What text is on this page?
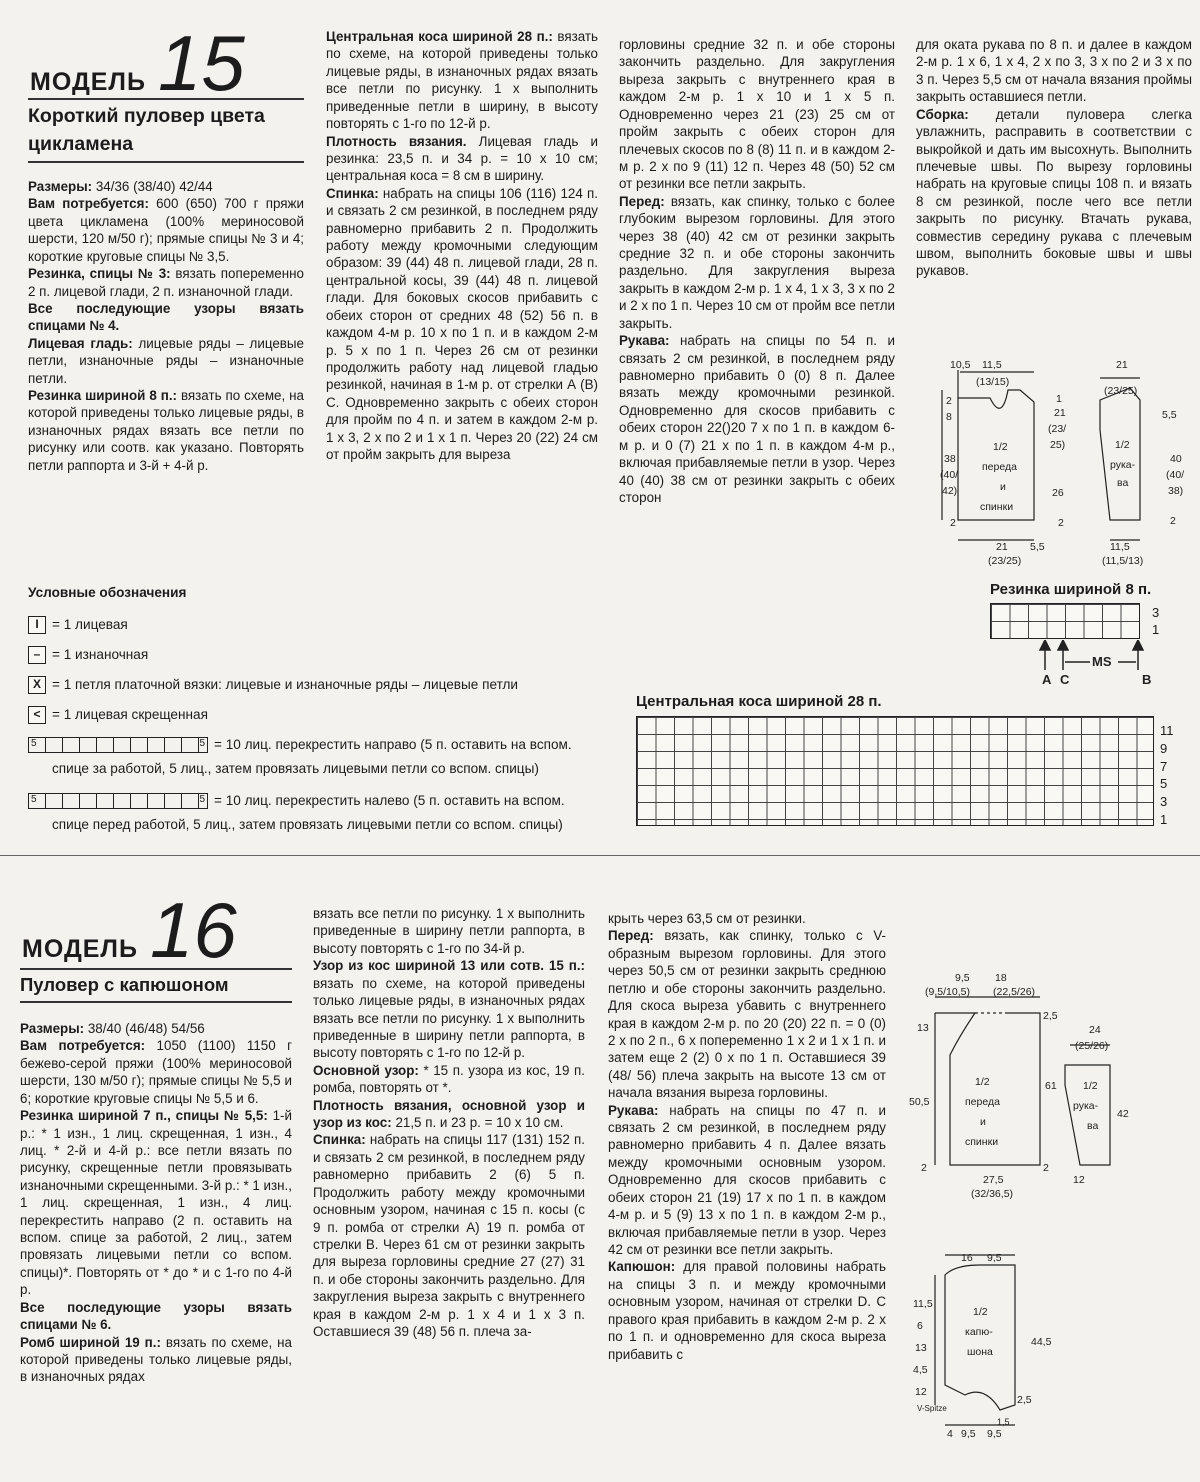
МОДЕЛЬ 15
Короткий пуловер цвета цикламена

Размеры: 34/36 (38/40) 42/44

Вам потребуется: 600 (650) 700 г пряжи цвета цикламена (100% мериносовой шерсти, 120 м/50 г); прямые спицы № 3 и 4; короткие круговые спицы № 3,5.

Резинка, спицы № 3: вязать попеременно 2 п. лицевой глади, 2 п. изнаночной глади.

Все последующие узоры вязать спицами № 4.

Лицевая гладь: лицевые ряды – лицевые петли, изнаночные ряды – изнаночные петли.

Резинка шириной 8 п.: вязать по схеме, на которой приведены только лицевые ряды, в изнаночных рядах вязать все петли по рисунку или соотв. как указано. Повторять петли раппорта и 3-й + 4-й р.

Центральная коса шириной 28 п.: вязать по схеме, на которой приведены только лицевые ряды, в изнаночных рядах вязать все петли по рисунку. 1 х выполнить приведенные петли в ширину, в высоту повторять с 1-го по 12-й р.

Плотность вязания. Лицевая гладь и резинка: 23,5 п. и 34 р. = 10 х 10 см; центральная коса = 8 см в ширину.

Спинка: набрать на спицы 106 (116) 124 п. и связать 2 см резинкой, в последнем ряду равномерно прибавить 2 п. Продолжить работу между кромочными следующим образом: 39 (44) 48 п. лицевой глади, 28 п. центральной косы, 39 (44) 48 п. лицевой глади. Для боковых скосов прибавить с обеих сторон от средних 48 (52) 56 п. в каждом 4-м р. 10 х по 1 п. и в каждом 2-м р. 5 х по 1 п. Через 26 см от резинки продолжить работу над лицевой гладью резинкой, начиная в 1-м р. от стрелки А (В) С. Одновременно закрыть с обеих сторон для пройм по 4 п. и затем в каждом 2-м р. 1 х 3, 2 х по 2 и 1 х 1 п. Через 20 (22) 24 см от пройм закрыть для выреза

горловины средние 32 п. и обе стороны закончить раздельно. Для закругления выреза закрыть с внутреннего края в каждом 2-м р. 1 х 10 и 1 х 5 п. Одновременно через 21 (23) 25 см от пройм закрыть с обеих сторон для плечевых скосов по 8 (8) 11 п. и в каждом 2-м р. 2 х по 9 (11) 12 п. Через 48 (50) 52 см от резинки все петли закрыть.

Перед: вязать, как спинку, только с более глубоким вырезом горловины. Для этого через 38 (40) 42 см от резинки закрыть средние 32 п. и обе стороны закончить раздельно. Для закругления выреза закрыть в каждом 2-м р. 1 х 4, 1 х 3, 3 х по 2 и 2 х по 1 п. Через 10 см от пройм все петли закрыть.

Рукава: набрать на спицы по 54 п. и связать 2 см резинкой, в последнем ряду равномерно прибавить 0 (0) 8 п. Далее вязать между кромочными резинкой. Одновременно для скосов прибавить с обеих сторон 22()20 7 х по 1 п. в каждом 6-м р. и 0 (7) 21 х по 1 п. в каждом 4-м р., включая прибавляемые петли в узор. Через 40 (40) 38 см от резинки закрыть с обеих сторон

для оката рукава по 8 п. и далее в каждом 2-м р. 1 х 6, 1 х 4, 2 х по 3, 3 х по 2 и 3 х по 3 п. Через 5,5 см от начала вязания проймы закрыть оставшиеся петли.

Сборка: детали пуловера слегка увлажнить, расправить в соответствии с выкройкой и дать им высохнуть. Выполнить плечевые швы. По вырезу горловины набрать на круговые спицы 108 п. и вязать 8 см резинкой, после чего все петли закрыть по рисунку. Втачать рукава, совместив середину рукава с плечевым швом, выполнить боковые швы и швы рукавов.

Условные обозначения
I = 1 лицевая
– = 1 изнаночная
X = 1 петля платочной вязки: лицевые и изнаночные ряды – лицевые петли
< = 1 лицевая скрещенная
5	5 = 10 лиц. перекрестить направо (5 п. оставить на вспом.
спице за работой, 5 лиц., затем провязать лицевыми петли со вспом. спицы)
5	5 = 10 лиц. перекрестить налево (5 п. оставить на вспом.
спице перед работой, 5 лиц., затем провязать лицевыми петли со вспом. спицы)
1/2
переда
и
спинки
10,5 11,5
(13/15)
2
8
38
(40/
42)
2
1
21
(23/
25)
26
2
21 5,5
(23/25)
1/2
рука-
ва
21
(23/25)
5,5
40
(40/
38)
2
11,5
(11,5/13)
Резинка шириной 8 п.
3
1
A C
MS
B
Центральная коса шириной 28 п.
11
9
7
5
3
1
МОДЕЛЬ 16
Пуловер с капюшоном

Размеры: 38/40 (46/48) 54/56

Вам потребуется: 1050 (1100) 1150 г бежево-серой пряжи (100% мериносовой шерсти, 130 м/50 г); прямые спицы № 5,5 и 6; короткие круговые спицы № 5,5 и 6.

Резинка шириной 7 п., спицы № 5,5: 1-й р.: * 1 изн., 1 лиц. скрещенная, 1 изн., 4 лиц. * 2-й и 4-й р.: все петли вязать по рисунку, скрещенные петли провязывать изнаночными скрещенными. 3-й р.: * 1 изн., 1 лиц. скрещенная, 1 изн., 4 лиц. перекрестить направо (2 п. оставить на вспом. спице за работой, 2 лиц., затем провязать лицевыми петли со вспом. спицы)*. Повторять от * до * и с 1-го по 4-й р.

Все последующие узоры вязать спицами № 6.

Ромб шириной 19 п.: вязать по схеме, на которой приведены только лицевые ряды, в изнаночных рядах

вязать все петли по рисунку. 1 х выполнить приведенные в ширину петли раппорта, в высоту повторять с 1-го по 34-й р.

Узор из кос шириной 13 или сотв. 15 п.: вязать по схеме, на которой приведены только лицевые ряды, в изнаночных рядах вязать все петли по рисунку. 1 х выполнить приведенные в ширину петли раппорта, в высоту повторять с 1-го по 12-й р.

Основной узор: * 15 п. узора из кос, 19 п. ромба, повторять от *.

Плотность вязания, основной узор и узор из кос: 21,5 п. и 23 р. = 10 х 10 см.

Спинка: набрать на спицы 117 (131) 152 п. и связать 2 см резинкой, в последнем ряду равномерно прибавить 2 (6) 5 п. Продолжить работу между кромочными основным узором, начиная с 15 п. косы (с 9 п. ромба от стрелки А) 19 п. ромба от стрелки В. Через 61 см от резинки закрыть для выреза горловины средние 27 (27) 31 п. и обе стороны закончить раздельно. Для закругления выреза закрыть с внутреннего края в каждом 2-м р. 1 х 4 и 1 х 3 п. Оставшиеся 39 (48) 56 п. плеча за-

крыть через 63,5 см от резинки.

Перед: вязать, как спинку, только с V-образным вырезом горловины. Для этого через 50,5 см от резинки закрыть среднюю петлю и обе стороны закончить раздельно. Для скоса выреза убавить с внутреннего края в каждом 2-м р. по 20 (20) 22 п. = 0 (0) 2 х по 2 п., 6 х попеременно 1 х 2 и 1 х 1 п. и затем еще 2 (2) 0 х по 1 п. Оставшиеся 39 (48/ 56) плеча закрыть на высоте 13 см от начала вязания выреза горловины.

Рукава: набрать на спицы по 47 п. и связать 2 см резинкой, в последнем ряду равномерно прибавить 4 п. Далее вязать между кромочными основным узором. Одновременно для скосов прибавить с обеих сторон 21 (19) 17 х по 1 п. в каждом 4-м р. и 5 (9) 13 х по 1 п. в каждом 2-м р., включая прибавляемые петли в узор. Через 42 см от резинки все петли закрыть.

Капюшон: для правой половины набрать на спицы 3 п. и между кромочными основным узором, начиная от стрелки D. С правого края прибавить в каждом 2-м р. 2 х по 1 п. и одновременно для скоса выреза прибавить с

1/2
переда
и
спинки
9,5 18
(9,5/10,5) (22,5/26)
13
50,5
2
2,5
61
2
27,5
(32/36,5)
1/2
рука-
ва
24
(25/26)
42
12
1/2
капю-
шона
16 9,5
11,5
6
13
4,5
12
44,5
2,5
V-Spitze
4 9,5 9,5
1,5
